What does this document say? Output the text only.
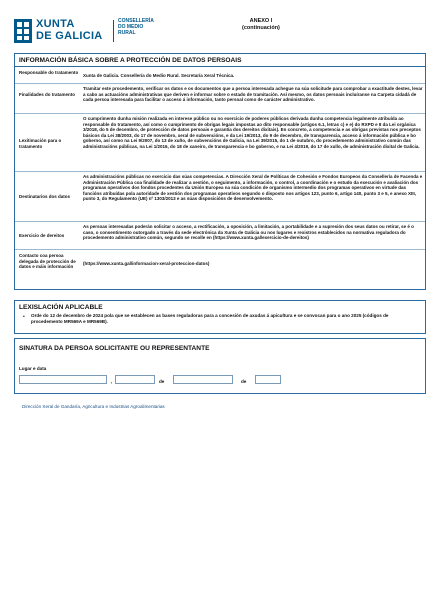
XUNTA
DE GALICIA
CONSELLERÍA
DO MEDIO
RURAL
ANEXO I
(continuación)
INFORMACIÓN BÁSICA SOBRE A PROTECCIÓN DE DATOS PERSOAIS
Responsable do tratamento
Xunta de Galicia. Consellería do Medio Rural. Secretaría Xeral Técnica.
Finalidades do tratamento
Tramitar este procedemento, verificar os datos e os documentos que a persoa interesada achegue na súa solicitude para comprobar a exactitude destes, levar a cabo as actuacións administrativas que deriven e informar sobre o estado de tramitación. Así mesmo, os datos persoais incluíranse na Carpeta cidadá de cada persoa interesada para facilitar o acceso á información, tanto persoal como de carácter administrativo.
Lexitimación para o tratamento
O cumprimento dunha misión realizada en interese público ou no exercicio de poderes públicos derivada dunha competencia legalmente atribuída ao responsable do tratamento, así como o cumprimento de obrigas legais impostas ao dito responsable (artigos 6.1, letras c) e e) do RXPD e 8 da Lei orgánica 3/2018, do 5 de decembro, de protección de datos persoais e garantía dos dereitos dixitais). En concreto, a competencia e as obrigas previstas nos preceptos básicos da Lei 38/2003, do 17 de novembro, xeral de subvencións, e da Lei 19/2013, do 9 de decembro, de transparencia, acceso á información pública e bo goberno, así como na Lei 9/2007, do 13 de xuño, de subvencións de Galicia, na Lei 39/2015, do 1 de outubro, do procedemento administrativo común das administracións públicas, na Lei 1/2016, do 18 de xaneiro, de transparencia e bo goberno, e na Lei 4/2019, do 17 de xullo, de administración dixital de Galicia.
Destinatarios dos datos
As administracións públicas no exercicio das súas competencias. A Dirección Xeral de Políticas de Cohesión e Fondos Europeos da Consellería de Facenda e Administración Pública coa finalidade de realizar a xestión, o seguimento, a información, o control, a coordinación e o estudo da execución e avaliación dos programas operativos dos fondos procedentes da Unión Europea na súa condición de organismo intermedio dos programas operativos en virtude das funcións atribuídas pola autoridade de xestión dos programas operativos segundo o disposto nos artigos 123, punto 6, artigo 140, punto 3 e 5, e anexo XIII, punto 3, do Regulamento (UE) nº 1303/2013 e as súas disposicións de desenvolvemento.
Exercicio de dereitos
As persoas interesadas poderán solicitar o acceso, a rectificación, a oposición, a limitación, a portabilidade e a supresión dos seus datos ou retirar, se é o caso, o consentimento outorgado a través da sede electrónica da Xunta de Galicia ou nos lugares e rexistros establecidos na normativa reguladora do procedemento administrativo común, segundo se recolle en (https://www.xunta.gal/exercicio-de-dereitos)
Contacto coa persoa delegada de protección de datos e máis información
(https://www.xunta.gal/informacion-xeral-proteccion-datos)
LEXISLACIÓN APLICABLE
• Orde do 12 de decembro de 2024 pola que se establecen as bases reguladoras para a concesión de axudas á apicultura e se convocan para o ano 2025 (códigos de procedemento MR569A e MR569B).
SINATURA DA PERSOA SOLICITANTE OU REPRESENTANTE
Lugar e data
,	de	de
Dirección Xeral de Gandaría, Agricultura e Industrias Agroalimentarias
